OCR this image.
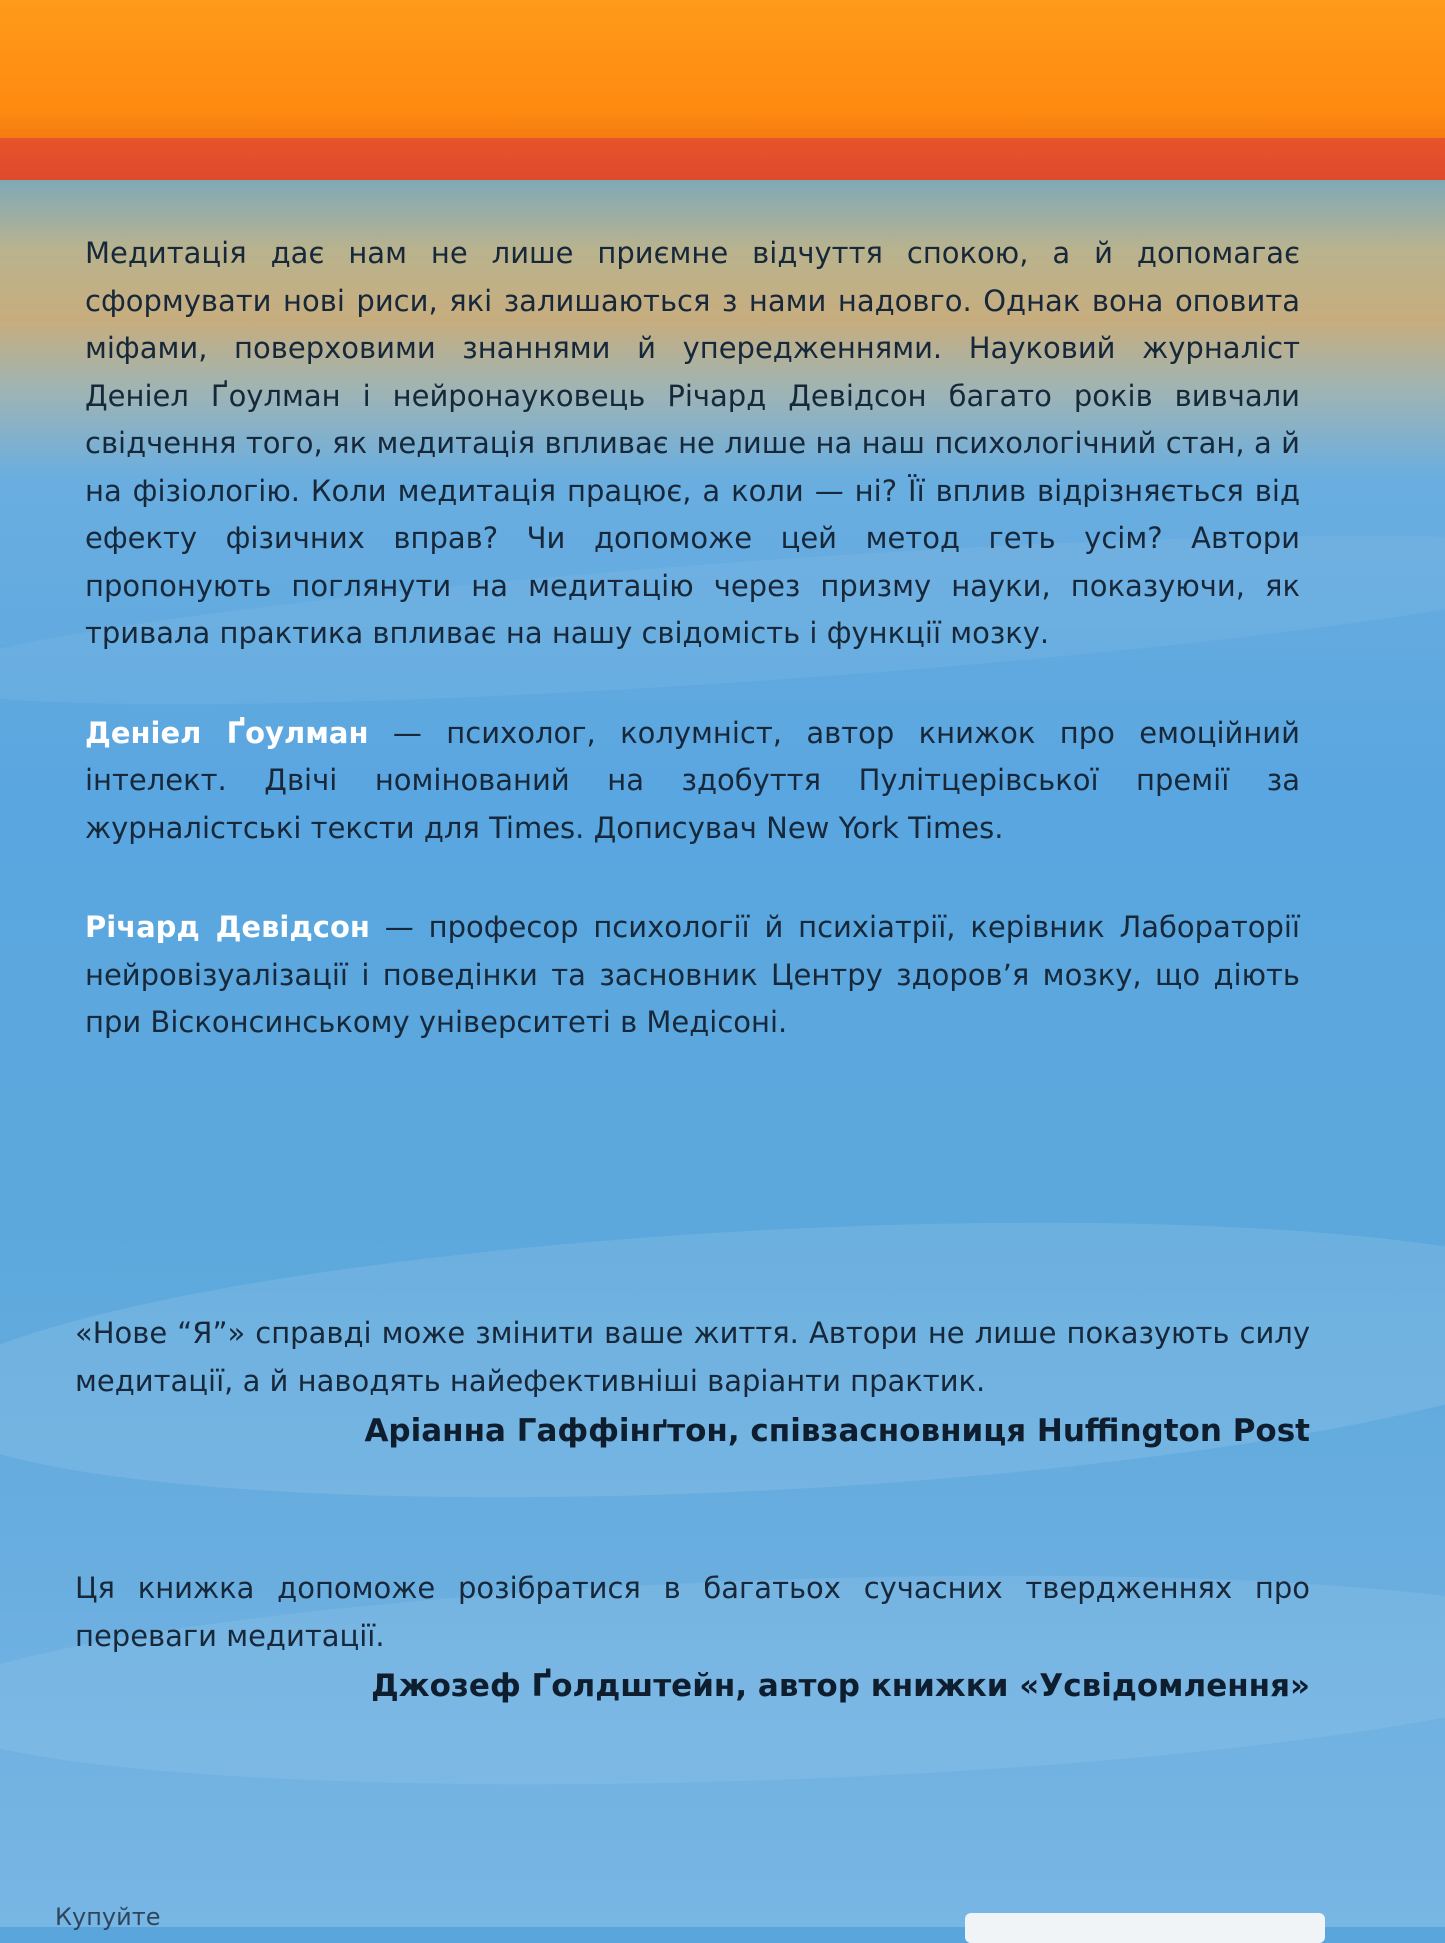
Медитація дає нам не лише приємне відчуття спокою, а й допомагає сформувати нові риси, які залишаються з нами надовго. Однак вона оповита міфами, поверховими знаннями й упередженнями. Науковий журналіст Деніел Ґоулман і нейронауковець Річард Девідсон багато років вивчали свідчення того, як медитація впливає не лише на наш психологічний стан, а й на фізіологію. Коли медитація працює, а коли — ні? Її вплив відрізняється від ефекту фізичних вправ? Чи допоможе цей метод геть усім? Автори пропонують поглянути на медитацію через призму науки, показуючи, як тривала практика впливає на нашу свідомість і функції мозку.

Деніел Ґоулман — психолог, колумніст, автор книжок про емоційний інтелект. Двічі номінований на здобуття Пулітцерівської премії за журналістські тексти для Times. Дописувач New York Times.

Річард Девідсон — професор психології й психіатрії, керівник Лабораторії нейровізуалізації і поведінки та засновник Центру здоров’я мозку, що діють при Вісконсинському університеті в Медісоні.

«Нове “Я”» справді може змінити ваше життя. Автори не лише показують силу медитації, а й наводять найефективніші варіанти практик.

Аріанна Гаффінґтон, співзасновниця Huffington Post

Ця книжка допоможе розібратися в багатьох сучасних твердженнях про переваги медитації.

Джозеф Ґолдштейн, автор книжки «Усвідомлення»

Купуйте
